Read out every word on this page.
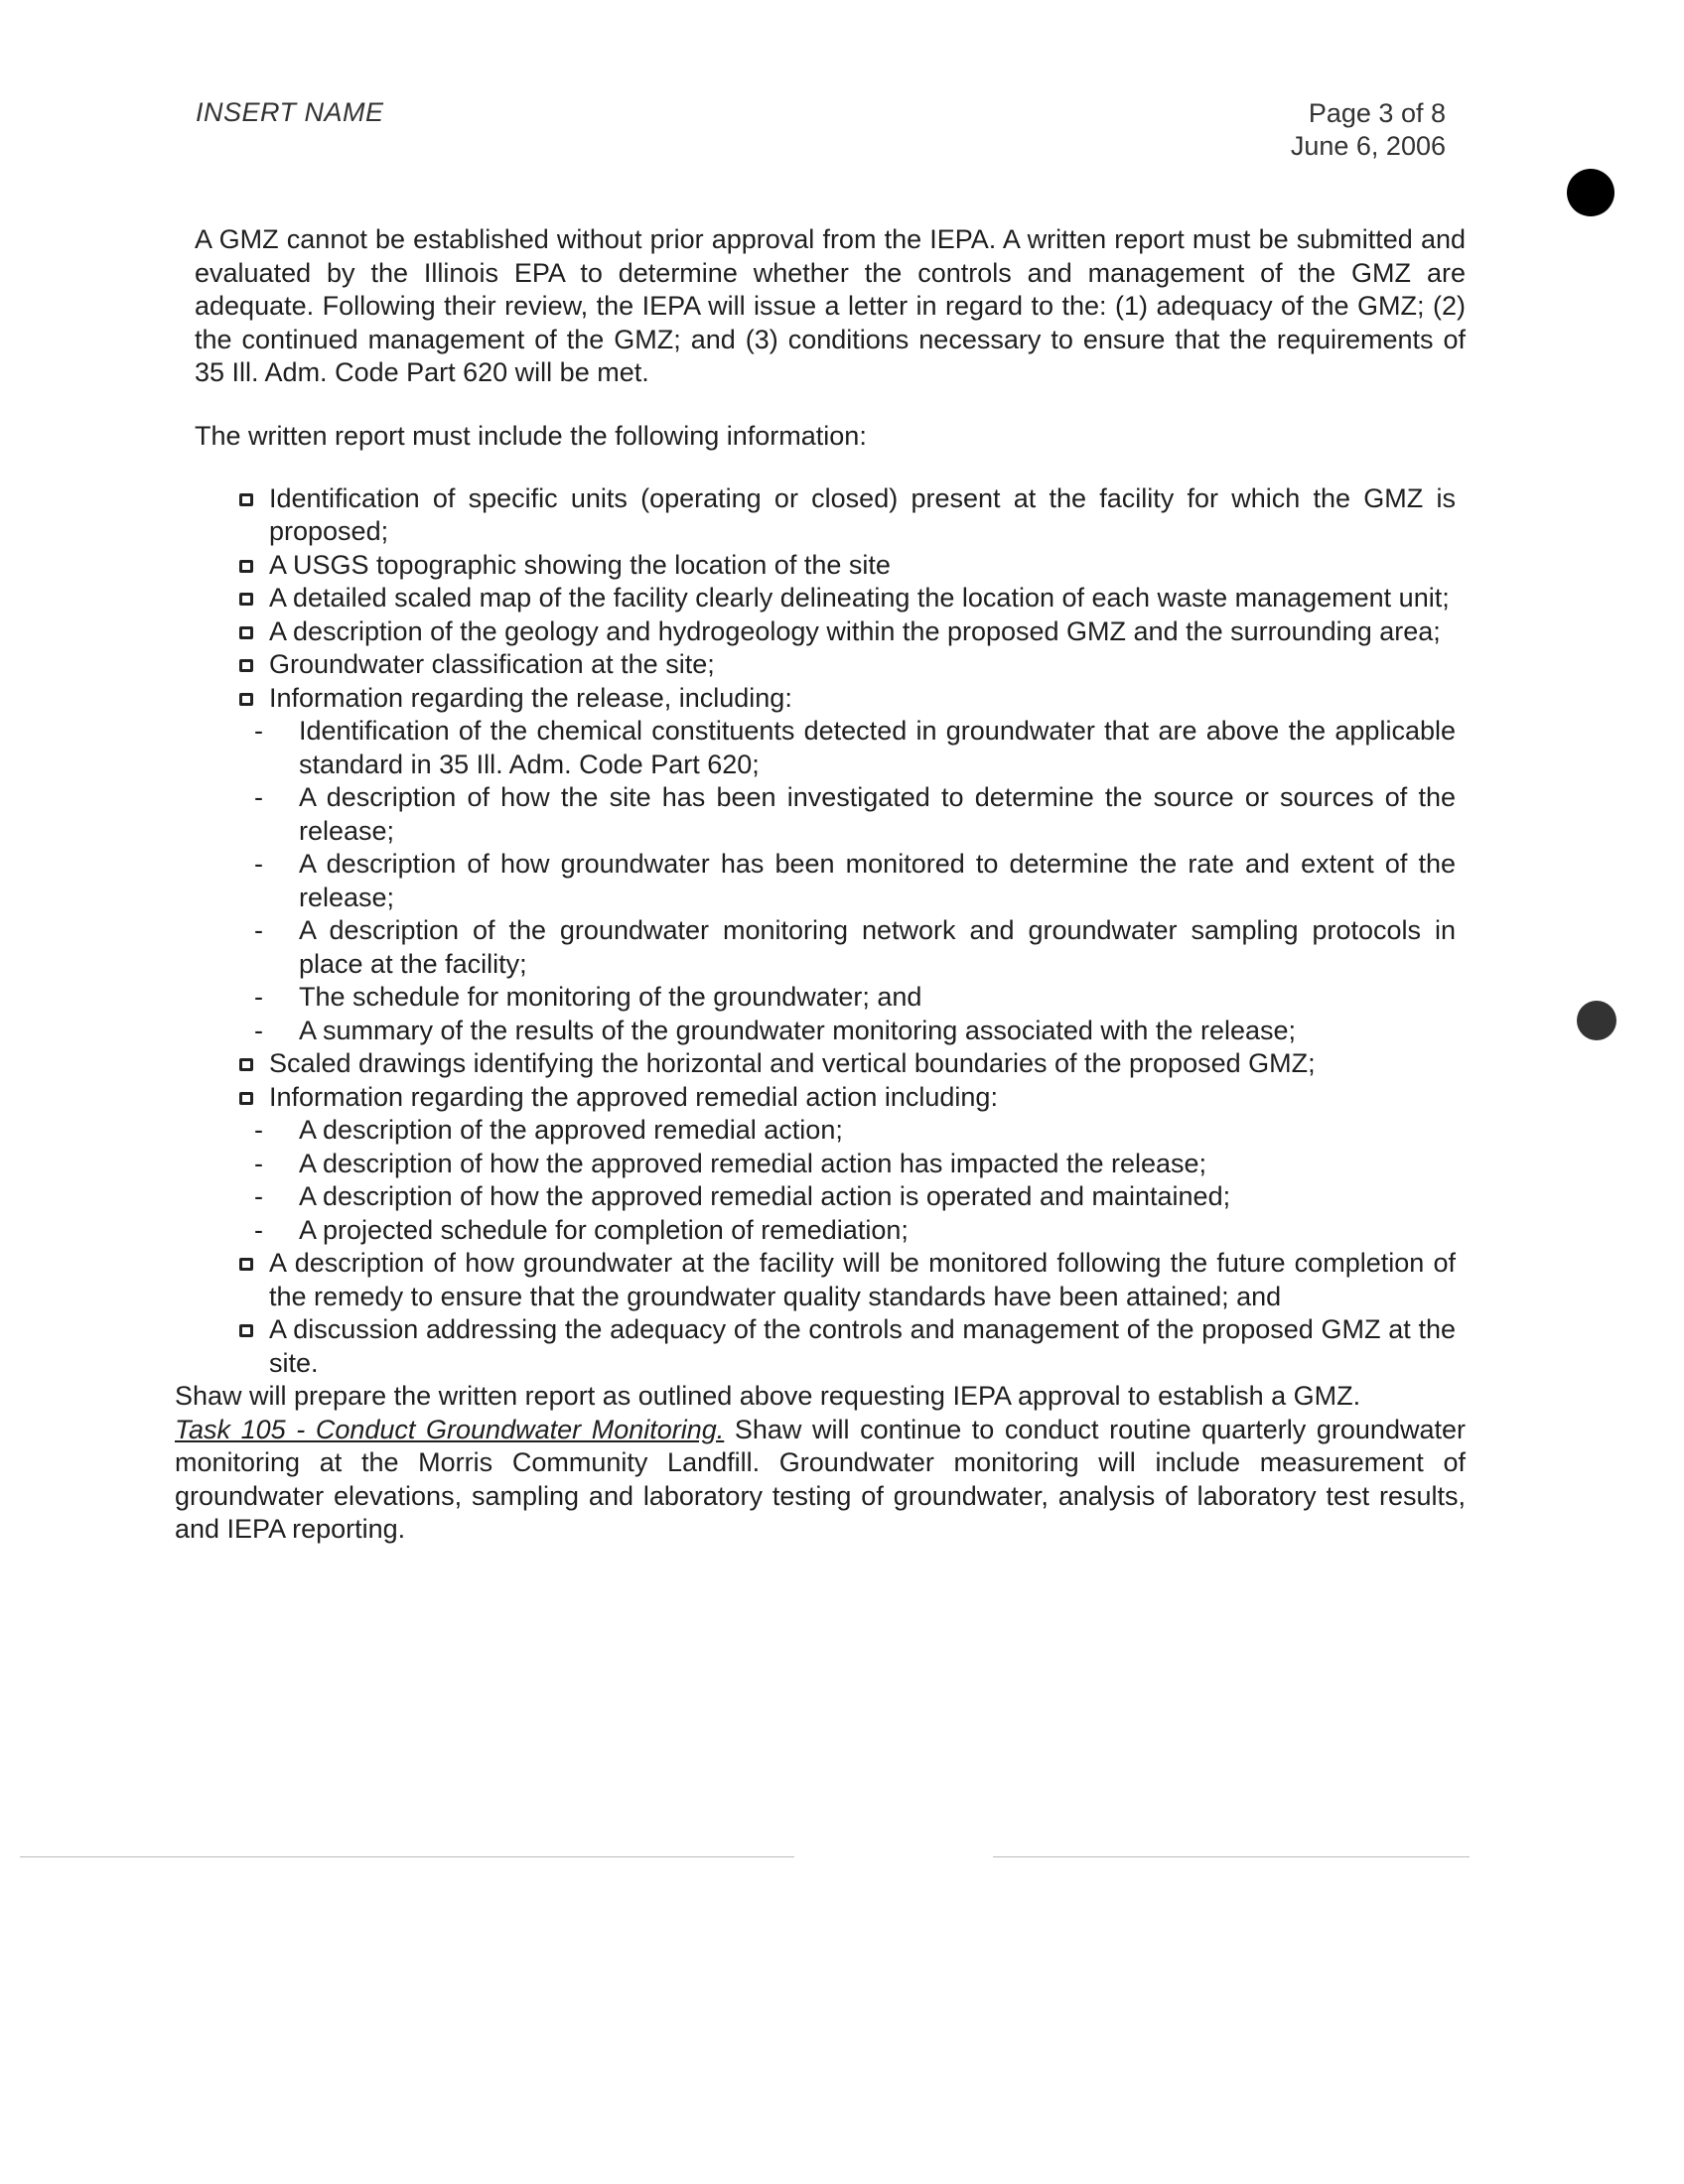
INSERT NAME	Page 3 of 8
June 6, 2006

A GMZ cannot be established without prior approval from the IEPA. A written report must be submitted and evaluated by the Illinois EPA to determine whether the controls and management of the GMZ are adequate. Following their review, the IEPA will issue a letter in regard to the: (1) adequacy of the GMZ; (2) the continued management of the GMZ; and (3) conditions necessary to ensure that the requirements of 35 Ill. Adm. Code Part 620 will be met.

The written report must include the following information:

Identification of specific units (operating or closed) present at the facility for which the GMZ is proposed;
A USGS topographic showing the location of the site
A detailed scaled map of the facility clearly delineating the location of each waste management unit;
A description of the geology and hydrogeology within the proposed GMZ and the surrounding area;
Groundwater classification at the site;
Information regarding the release, including:
- Identification of the chemical constituents detected in groundwater that are above the applicable standard in 35 Ill. Adm. Code Part 620;
- A description of how the site has been investigated to determine the source or sources of the release;
- A description of how groundwater has been monitored to determine the rate and extent of the release;
- A description of the groundwater monitoring network and groundwater sampling protocols in place at the facility;
- The schedule for monitoring of the groundwater; and
- A summary of the results of the groundwater monitoring associated with the release;
Scaled drawings identifying the horizontal and vertical boundaries of the proposed GMZ;
Information regarding the approved remedial action including:
- A description of the approved remedial action;
- A description of how the approved remedial action has impacted the release;
- A description of how the approved remedial action is operated and maintained;
- A projected schedule for completion of remediation;
A description of how groundwater at the facility will be monitored following the future completion of the remedy to ensure that the groundwater quality standards have been attained; and
A discussion addressing the adequacy of the controls and management of the proposed GMZ at the site.

Shaw will prepare the written report as outlined above requesting IEPA approval to establish a GMZ.

Task 105 - Conduct Groundwater Monitoring. Shaw will continue to conduct routine quarterly groundwater monitoring at the Morris Community Landfill. Groundwater monitoring will include measurement of groundwater elevations, sampling and laboratory testing of groundwater, analysis of laboratory test results, and IEPA reporting.
